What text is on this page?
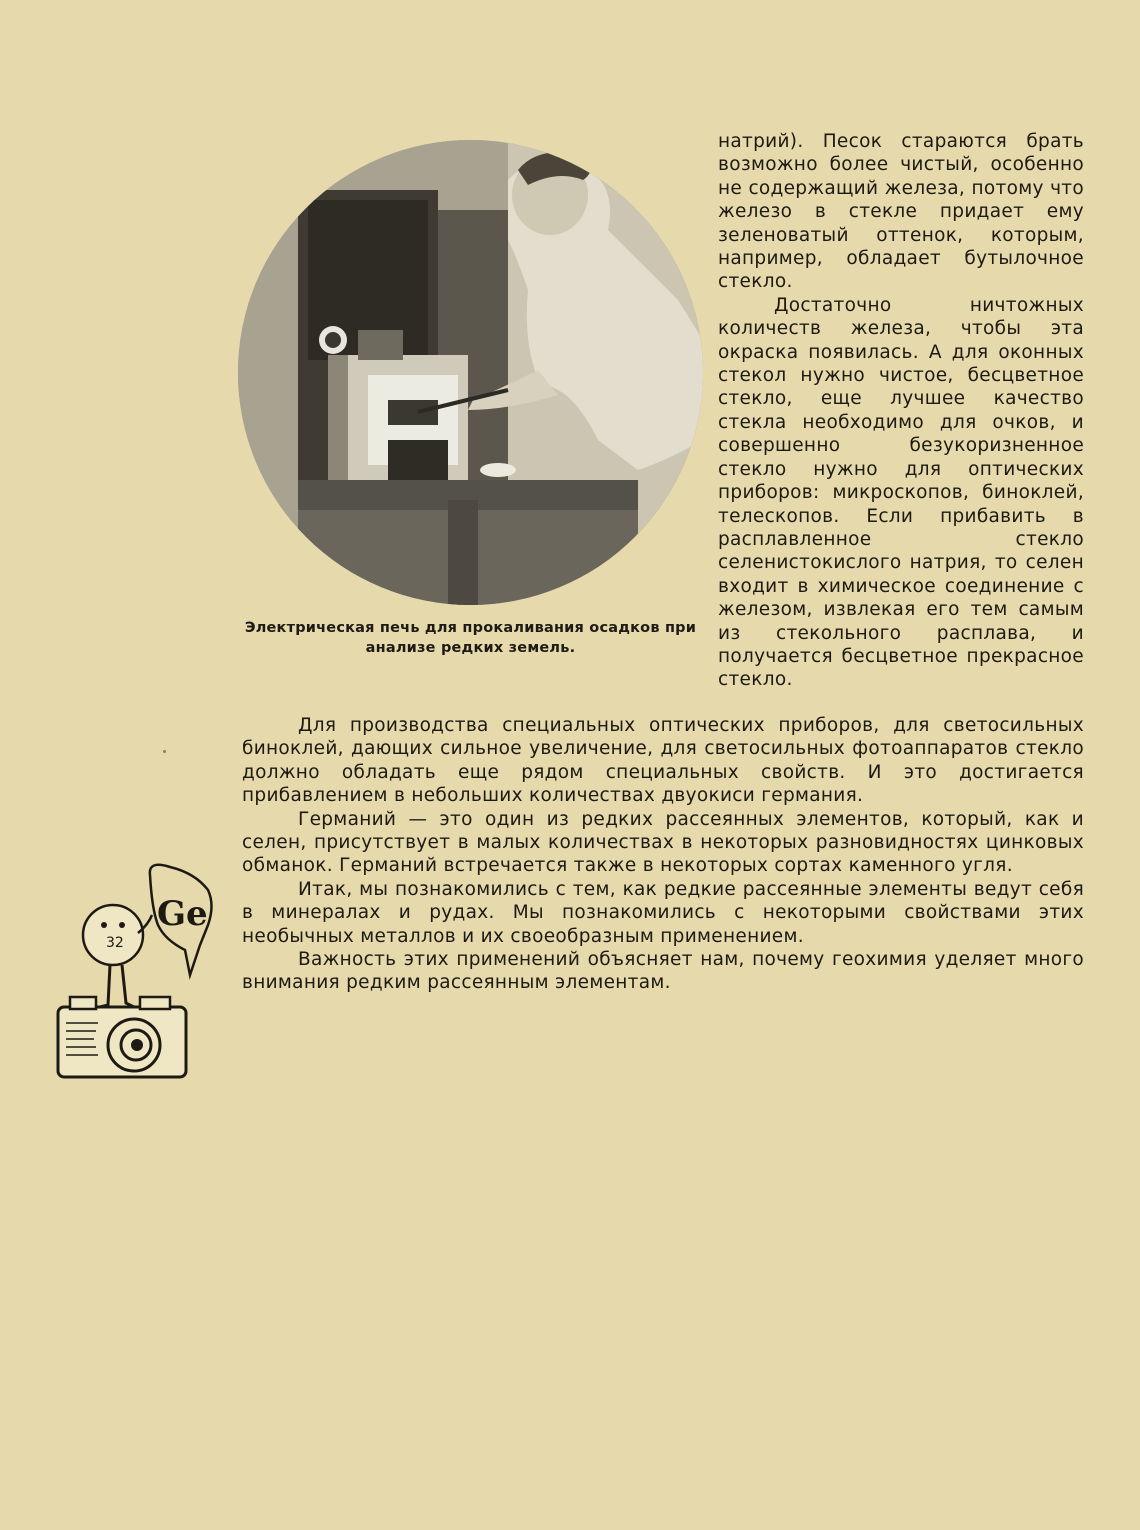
Электрическая печь для прокаливания осадков при анализе редких земель.

натрий). Песок стараются брать возможно более чистый, особенно не содержащий железа, потому что железо в стекле придает ему зеленоватый оттенок, которым, например, обладает бутылочное стекло.

Достаточно ничтожных количеств железа, чтобы эта окраска появилась. А для оконных стекол нужно чистое, бесцветное стекло, еще лучшее качество стекла необходимо для очков, и совершенно безукоризненное стекло нужно для оптических приборов: микроскопов, биноклей, телескопов. Если прибавить в расплавленное стекло селенистокислого натрия, то селен входит в химическое соединение с железом, извлекая его тем самым из стекольного расплава, и получается бесцветное прекрасное стекло.

Для производства специальных оптических приборов, для светосильных биноклей, дающих сильное увеличение, для светосильных фотоаппаратов стекло должно обладать еще рядом специальных свойств. И это достигается прибавлением в небольших количествах двуокиси германия.

Германий — это один из редких рассеянных элементов, который, как и селен, присутствует в малых количествах в некоторых разновидностях цинковых обманок. Германий встречается также в некоторых сортах каменного угля.

Итак, мы познакомились с тем, как редкие рассеянные элементы ведут себя в минералах и рудах. Мы познакомились с некоторыми свойствами этих необычных металлов и их своеобразным применением.

Важность этих применений объясняет нам, почему геохимия уделяет много внимания редким рассеянным элементам.

Ge
32
